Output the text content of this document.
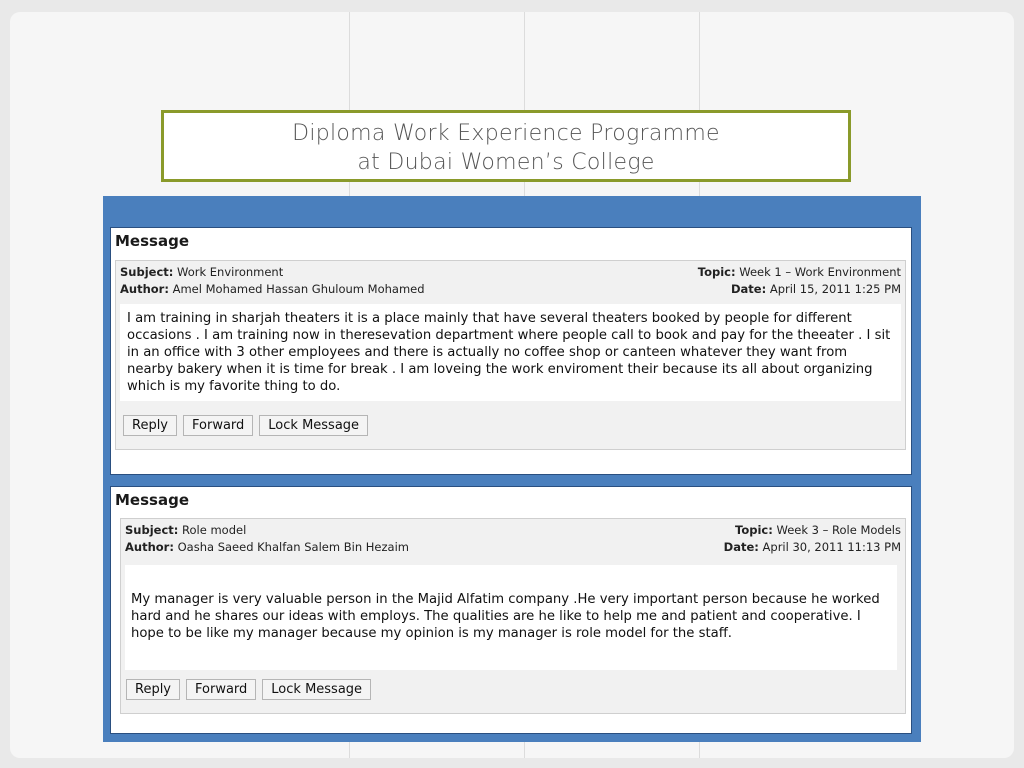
Diploma Work Experience Programme
at Dubai Women’s College
Message
Subject: Work Environment	Topic: Week 1 – Work Environment
Author: Amel Mohamed Hassan Ghuloum Mohamed	Date: April 15, 2011 1:25 PM
I am training in sharjah theaters it is a place mainly that have several theaters booked by people for different occasions . I am training now in theresevation department where people call to book and pay for the theeater . I sit in an office with 3 other employees and there is actually no coffee shop or canteen whatever they want from nearby bakery when it is time for break . I am loveing the work enviroment their because its all about organizing which is my favorite thing to do.
Reply	Forward	Lock Message
Message
Subject: Role model	Topic: Week 3 – Role Models
Author: Oasha Saeed Khalfan Salem Bin Hezaim	Date: April 30, 2011 11:13 PM
My manager is very valuable person in the Majid Alfatim company .He very important person because he worked hard and he shares our ideas with employs. The qualities are he like to help me and patient and cooperative. I hope to be like my manager because my opinion is my manager is role model for the staff.
Reply	Forward	Lock Message
